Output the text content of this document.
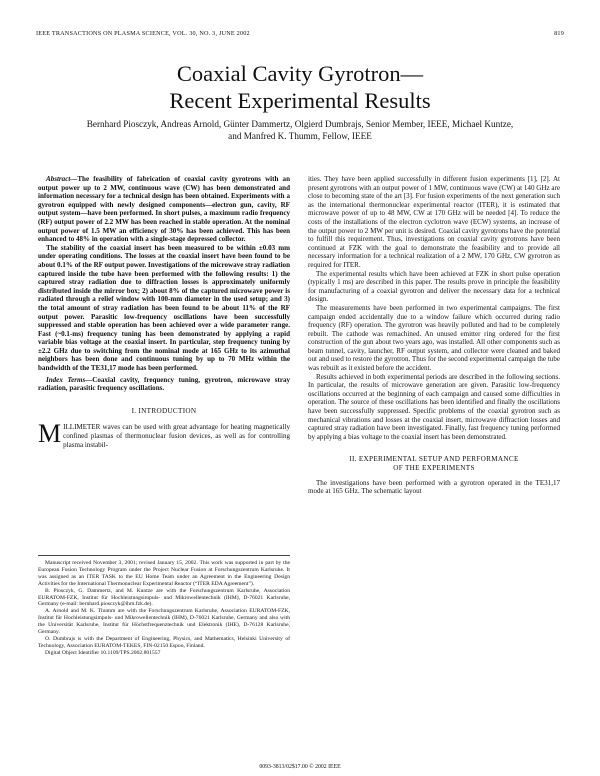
IEEE TRANSACTIONS ON PLASMA SCIENCE, VOL. 30, NO. 3, JUNE 2002	819
Coaxial Cavity Gyrotron—
Recent Experimental Results
Bernhard Piosczyk, Andreas Arnold, Günter Dammertz, Olgierd Dumbrajs, Senior Member, IEEE, Michael Kuntze,
and Manfred K. Thumm, Fellow, IEEE

Abstract—The feasibility of fabrication of coaxial cavity gyrotrons with an output power up to 2 MW, continuous wave (CW) has been demonstrated and information necessary for a technical design has been obtained. Experiments with a gyrotron equipped with newly designed components—electron gun, cavity, RF output system—have been performed. In short pulses, a maximum radio frequency (RF) output power of 2.2 MW has been reached in stable operation. At the nominal output power of 1.5 MW an efficiency of 30% has been achieved. This has been enhanced to 48% in operation with a single-stage depressed collector.

The stability of the coaxial insert has been measured to be within ±0.03 mm under operating conditions. The losses at the coaxial insert have been found to be about 0.1% of the RF output power. Investigations of the microwave stray radiation captured inside the tube have been performed with the following results: 1) the captured stray radiation due to diffraction losses is approximately uniformly distributed inside the mirror box; 2) about 8% of the captured microwave power is radiated through a relief window with 100-mm diameter in the used setup; and 3) the total amount of stray radiation has been found to be about 11% of the RF output power. Parasitic low-frequency oscillations have been successfully suppressed and stable operation has been achieved over a wide parameter range. Fast (~0.1-ms) frequency tuning has been demonstrated by applying a rapid variable bias voltage at the coaxial insert. In particular, step frequency tuning by ±2.2 GHz due to switching from the nominal mode at 165 GHz to its azimuthal neighbors has been done and continuous tuning by up to 70 MHz within the bandwidth of the TE31,17 mode has been performed.

Index Terms—Coaxial cavity, frequency tuning, gyrotron, microwave stray radiation, parasitic frequency oscillations.

I. INTRODUCTION

MILLIMETER waves can be used with great advantage for heating magnetically confined plasmas of thermonuclear fusion devices, as well as for controlling plasma instabil-

Manuscript received November 3, 2001; revised January 15, 2002. This work was supported in part by the European Fusion Technology Program under the Project Nuclear Fusion at Forschungszentrum Karlsruhe. It was assigned as an ITER TASK to the EU Home Team under an Agreement in the Engineering Design Activities for the International Thermonuclear Experimental Reactor (“ITER EDA Agreement”).

B. Piosczyk, G. Dammertz, and M. Kuntze are with the Forschungszentrum Karlsruhe, Association EURATOM-FZK, Institut für Hochleistungsimpuls- und Mikrowellentechnik (IHM), D-76021 Karlsruhe, Germany (e-mail: bernhard.piosczyk@ihm.fzk.de).

A. Arnold and M. K. Thumm are with the Forschungszentrum Karlsruhe, Association EURATOM-FZK, Institut für Hochleistungsimpuls- und Mikrowellentechnik (IHM), D-76021 Karlsruhe, Germany and also with the Universität Karlsruhe, Institut für Höchstfrequenztechnik und Elektronik (IHE), D-76128 Karlsruhe, Germany.

O. Dumbrajs is with the Department of Engineering, Physics, and Mathematics, Helsinki University of Technology, Association EURATOM-TEKES, FIN-02150 Espoo, Finland.

Digital Object Identifier 10.1109/TPS.2002.801557

ities. They have been applied successfully in different fusion experiments [1], [2]. At present gyrotrons with an output power of 1 MW, continuous wave (CW) at 140 GHz are close to becoming state of the art [3]. For fusion experiments of the next generation such as the international thermonuclear experimental reactor (ITER), it is estimated that microwave power of up to 48 MW, CW at 170 GHz will be needed [4]. To reduce the costs of the installations of the electron cyclotron wave (ECW) systems, an increase of the output power to 2 MW per unit is desired. Coaxial cavity gyrotrons have the potential to fulfill this requirement. Thus, investigations on coaxial cavity gyrotrons have been continued at FZK with the goal to demonstrate the feasibility and to provide all necessary information for a technical realization of a 2 MW, 170 GHz, CW gyrotron as required for ITER.

The experimental results which have been achieved at FZK in short pulse operation (typically 1 ms) are described in this paper. The results prove in principle the feasibility for manufacturing of a coaxial gyrotron and deliver the necessary data for a technical design.

The measurements have been performed in two experimental campaigns. The first campaign ended accidentally due to a window failure which occurred during radio frequency (RF) operation. The gyrotron was heavily polluted and had to be completely rebuilt. The cathode was remachined. An unused emitter ring ordered for the first construction of the gun about two years ago, was installed. All other components such as beam tunnel, cavity, launcher, RF output system, and collector were cleaned and baked out and used to restore the gyrotron. Thus for the second experimental campaign the tube was rebuilt as it existed before the accident.

Results achieved in both experimental periods are described in the following sections. In particular, the results of microwave generation are given. Parasitic low-frequency oscillations occurred at the beginning of each campaign and caused some difficulties in operation. The source of these oscillations has been identified and finally the oscillations have been successfully suppressed. Specific problems of the coaxial gyrotron such as mechanical vibrations and losses at the coaxial insert, microwave diffraction losses and captured stray radiation have been investigated. Finally, fast frequency tuning performed by applying a bias voltage to the coaxial insert has been demonstrated.

II. EXPERIMENTAL SETUP AND PERFORMANCE
OF THE EXPERIMENTS

The investigations have been performed with a gyrotron operated in the TE31,17 mode at 165 GHz. The schematic layout

0093-3813/02$17.00 © 2002 IEEE
